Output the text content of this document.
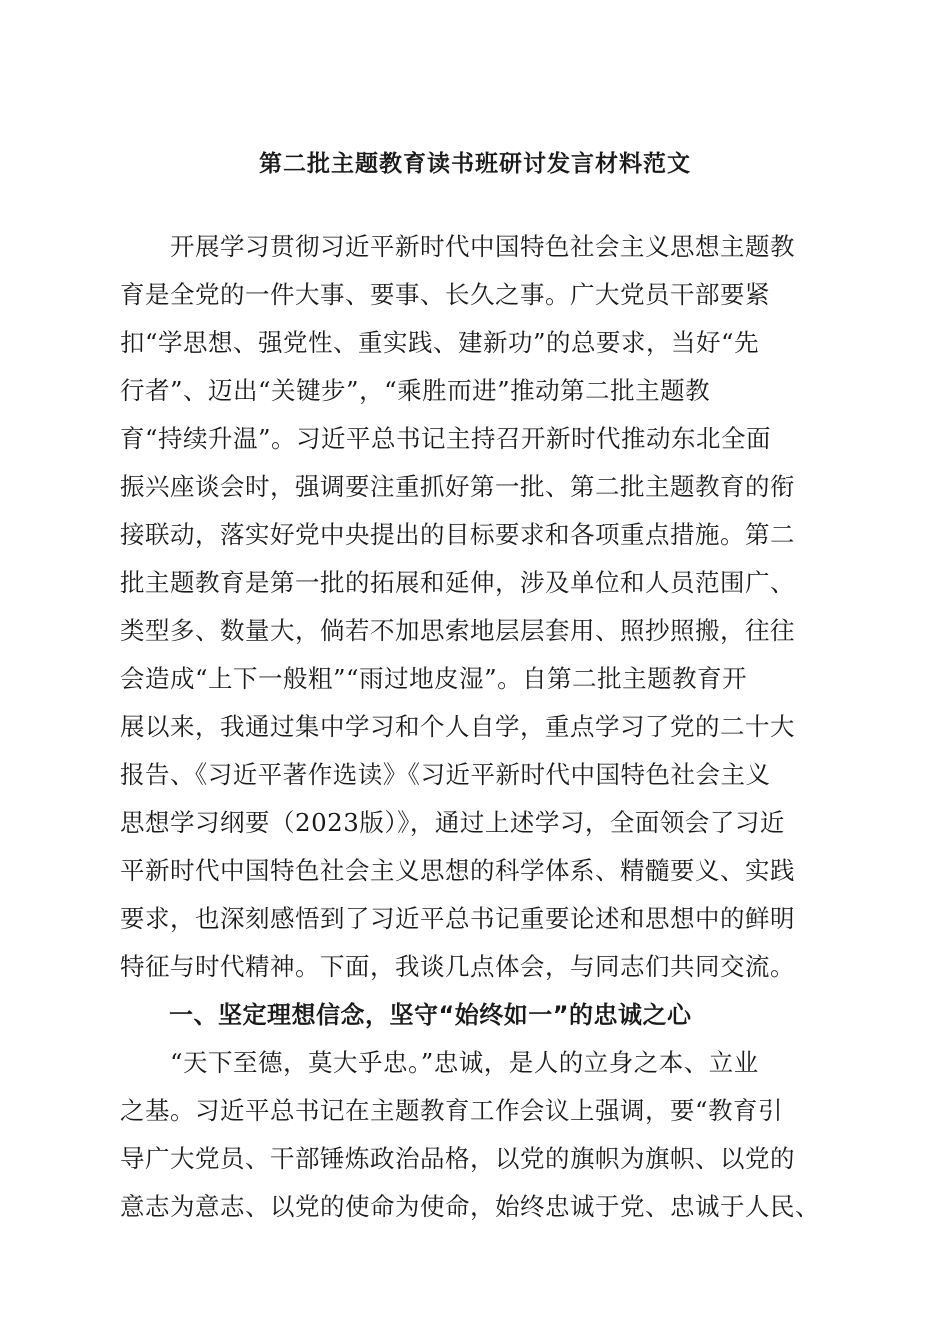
第二批主题教育读书班研讨发言材料范文
　　开展学习贯彻习近平新时代中国特色社会主义思想主题教
育是全党的一件大事、要事、长久之事。广大党员干部要紧
扣“学思想、强党性、重实践、建新功”的总要求，当好“先
行者”、迈出“关键步”，“乘胜而进”推动第二批主题教
育“持续升温”。习近平总书记主持召开新时代推动东北全面
振兴座谈会时，强调要注重抓好第一批、第二批主题教育的衔
接联动，落实好党中央提出的目标要求和各项重点措施。第二
批主题教育是第一批的拓展和延伸，涉及单位和人员范围广、
类型多、数量大，倘若不加思索地层层套用、照抄照搬，往往
会造成“上下一般粗”“雨过地皮湿”。自第二批主题教育开
展以来，我通过集中学习和个人自学，重点学习了党的二十大
报告、《习近平著作选读》《习近平新时代中国特色社会主义
思想学习纲要（2023版）》，通过上述学习，全面领会了习近
平新时代中国特色社会主义思想的科学体系、精髓要义、实践
要求，也深刻感悟到了习近平总书记重要论述和思想中的鲜明
特征与时代精神。下面，我谈几点体会，与同志们共同交流。
　　一、坚定理想信念，坚守“始终如一”的忠诚之心
　　“天下至德，莫大乎忠。”忠诚，是人的立身之本、立业
之基。习近平总书记在主题教育工作会议上强调，要“教育引
导广大党员、干部锤炼政治品格，以党的旗帜为旗帜、以党的
意志为意志、以党的使命为使命，始终忠诚于党、忠诚于人民、
